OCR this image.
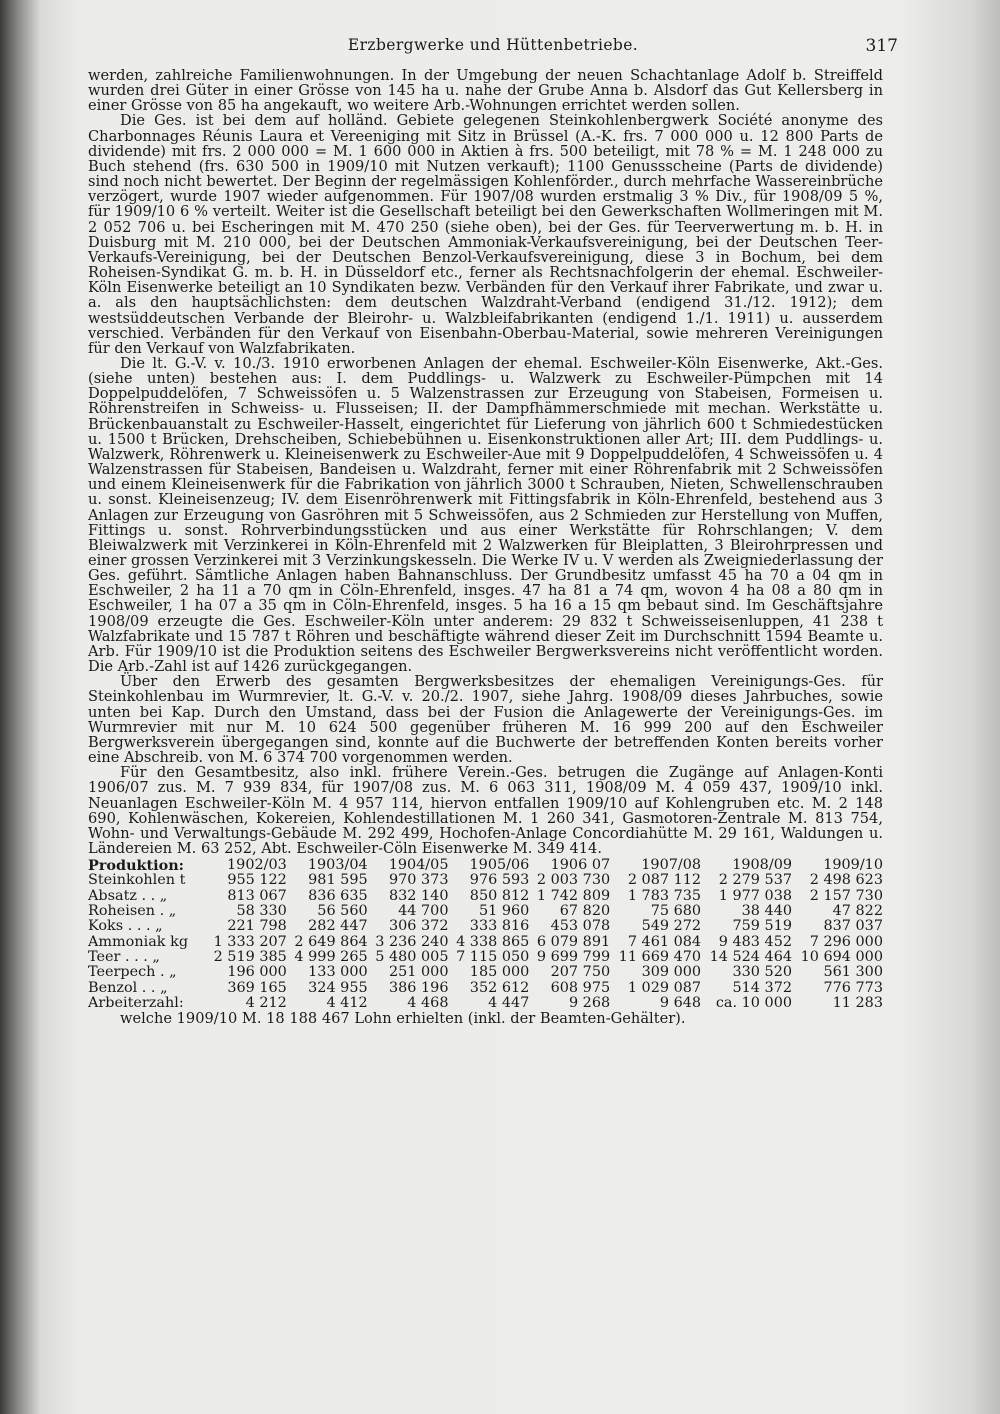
Erzbergwerke und Hüttenbetriebe.	317

werden, zahlreiche Familienwohnungen. In der Umgebung der neuen Schachtanlage Adolf b. Streiffeld wurden drei Güter in einer Grösse von 145 ha u. nahe der Grube Anna b. Alsdorf das Gut Kellersberg in einer Grösse von 85 ha angekauft, wo weitere Arb.-Wohnungen errichtet werden sollen.

Die Ges. ist bei dem auf holländ. Gebiete gelegenen Steinkohlenbergwerk Société anonyme des Charbonnages Réunis Laura et Vereeniging mit Sitz in Brüssel (A.-K. frs. 7 000 000 u. 12 800 Parts de dividende) mit frs. 2 000 000 = M. 1 600 000 in Aktien à frs. 500 beteiligt, mit 78 % = M. 1 248 000 zu Buch stehend (frs. 630 500 in 1909/10 mit Nutzen verkauft); 1100 Genussscheine (Parts de dividende) sind noch nicht bewertet. Der Beginn der regelmässigen Kohlenförder., durch mehrfache Wassereinbrüche verzögert, wurde 1907 wieder aufgenommen. Für 1907/08 wurden erstmalig 3 % Div., für 1908/09 5 %, für 1909/10 6 % verteilt. Weiter ist die Gesellschaft beteiligt bei den Gewerkschaften Wollmeringen mit M. 2 052 706 u. bei Escheringen mit M. 470 250 (siehe oben), bei der Ges. für Teerverwertung m. b. H. in Duisburg mit M. 210 000, bei der Deutschen Ammoniak-Verkaufsvereinigung, bei der Deutschen Teer-Verkaufs-Vereinigung, bei der Deutschen Benzol-Verkaufsvereinigung, diese 3 in Bochum, bei dem Roheisen-Syndikat G. m. b. H. in Düsseldorf etc., ferner als Rechtsnachfolgerin der ehemal. Eschweiler-Köln Eisenwerke beteiligt an 10 Syndikaten bezw. Verbänden für den Verkauf ihrer Fabrikate, und zwar u. a. als den hauptsächlichsten: dem deutschen Walzdraht-Verband (endigend 31./12. 1912); dem westsüddeutschen Verbande der Bleirohr- u. Walzbleifabrikanten (endigend 1./1. 1911) u. ausserdem verschied. Verbänden für den Verkauf von Eisenbahn-Oberbau-Material, sowie mehreren Vereinigungen für den Verkauf von Walzfabrikaten.

Die lt. G.-V. v. 10./3. 1910 erworbenen Anlagen der ehemal. Eschweiler-Köln Eisenwerke, Akt.-Ges. (siehe unten) bestehen aus: I. dem Puddlings- u. Walzwerk zu Eschweiler-Pümpchen mit 14 Doppelpuddelöfen, 7 Schweissöfen u. 5 Walzenstrassen zur Erzeugung von Stabeisen, Formeisen u. Röhrenstreifen in Schweiss- u. Flusseisen; II. der Dampfhämmerschmiede mit mechan. Werkstätte u. Brückenbauanstalt zu Eschweiler-Hasselt, eingerichtet für Lieferung von jährlich 600 t Schmiedestücken u. 1500 t Brücken, Drehscheiben, Schiebebühnen u. Eisenkonstruktionen aller Art; III. dem Puddlings- u. Walzwerk, Röhrenwerk u. Kleineisenwerk zu Eschweiler-Aue mit 9 Doppelpuddelöfen, 4 Schweissöfen u. 4 Walzenstrassen für Stabeisen, Bandeisen u. Walzdraht, ferner mit einer Röhrenfabrik mit 2 Schweissöfen und einem Kleineisenwerk für die Fabrikation von jährlich 3000 t Schrauben, Nieten, Schwellenschrauben u. sonst. Kleineisenzeug; IV. dem Eisenröhrenwerk mit Fittingsfabrik in Köln-Ehrenfeld, bestehend aus 3 Anlagen zur Erzeugung von Gasröhren mit 5 Schweissöfen, aus 2 Schmieden zur Herstellung von Muffen, Fittings u. sonst. Rohrverbindungsstücken und aus einer Werkstätte für Rohrschlangen; V. dem Bleiwalzwerk mit Verzinkerei in Köln-Ehrenfeld mit 2 Walzwerken für Bleiplatten, 3 Bleirohrpressen und einer grossen Verzinkerei mit 3 Verzinkungskesseln. Die Werke IV u. V werden als Zweigniederlassung der Ges. geführt. Sämtliche Anlagen haben Bahnanschluss. Der Grundbesitz umfasst 45 ha 70 a 04 qm in Eschweiler, 2 ha 11 a 70 qm in Cöln-Ehrenfeld, insges. 47 ha 81 a 74 qm, wovon 4 ha 08 a 80 qm in Eschweiler, 1 ha 07 a 35 qm in Cöln-Ehrenfeld, insges. 5 ha 16 a 15 qm bebaut sind. Im Geschäftsjahre 1908/09 erzeugte die Ges. Eschweiler-Köln unter anderem: 29 832 t Schweisseisenluppen, 41 238 t Walzfabrikate und 15 787 t Röhren und beschäftigte während dieser Zeit im Durchschnitt 1594 Beamte u. Arb. Für 1909/10 ist die Produktion seitens des Eschweiler Bergwerksvereins nicht veröffentlicht worden. Die Arb.-Zahl ist auf 1426 zurückgegangen.

Über den Erwerb des gesamten Bergwerksbesitzes der ehemaligen Vereinigungs-Ges. für Steinkohlenbau im Wurmrevier, lt. G.-V. v. 20./2. 1907, siehe Jahrg. 1908/09 dieses Jahrbuches, sowie unten bei Kap. Durch den Umstand, dass bei der Fusion die Anlagewerte der Vereinigungs-Ges. im Wurmrevier mit nur M. 10 624 500 gegenüber früheren M. 16 999 200 auf den Eschweiler Bergwerksverein übergegangen sind, konnte auf die Buchwerte der betreffenden Konten bereits vorher eine Abschreib. von M. 6 374 700 vorgenommen werden.

Für den Gesamtbesitz, also inkl. frühere Verein.-Ges. betrugen die Zugänge auf Anlagen-Konti 1906/07 zus. M. 7 939 834, für 1907/08 zus. M. 6 063 311, 1908/09 M. 4 059 437, 1909/10 inkl. Neuanlagen Eschweiler-Köln M. 4 957 114, hiervon entfallen 1909/10 auf Kohlengruben etc. M. 2 148 690, Kohlenwäschen, Kokereien, Kohlendestillationen M. 1 260 341, Gasmotoren-Zentrale M. 813 754, Wohn- und Verwaltungs-Gebäude M. 292 499, Hochofen-Anlage Concordiahütte M. 29 161, Waldungen u. Ländereien M. 63 252, Abt. Eschweiler-Cöln Eisenwerke M. 349 414.

Produktion:	1902/03	1903/04	1904/05	1905/06	1906 07	1907/08	1908/09	1909/10
Steinkohlen t	955 122	981 595	970 373	976 593	2 003 730	2 087 112	2 279 537	2 498 623
Absatz . . „	813 067	836 635	832 140	850 812	1 742 809	1 783 735	1 977 038	2 157 730
Roheisen . „	58 330	56 560	44 700	51 960	67 820	75 680	38 440	47 822
Koks . . . „	221 798	282 447	306 372	333 816	453 078	549 272	759 519	837 037
Ammoniak kg	1 333 207	2 649 864	3 236 240	4 338 865	6 079 891	7 461 084	9 483 452	7 296 000
Teer . . . „	2 519 385	4 999 265	5 480 005	7 115 050	9 699 799	11 669 470	14 524 464	10 694 000
Teerpech . „	196 000	133 000	251 000	185 000	207 750	309 000	330 520	561 300
Benzol . . „	369 165	324 955	386 196	352 612	608 975	1 029 087	514 372	776 773
Arbeiterzahl:	4 212	4 412	4 468	4 447	9 268	9 648	ca. 10 000	11 283

welche 1909/10 M. 18 188 467 Lohn erhielten (inkl. der Beamten-Gehälter).
